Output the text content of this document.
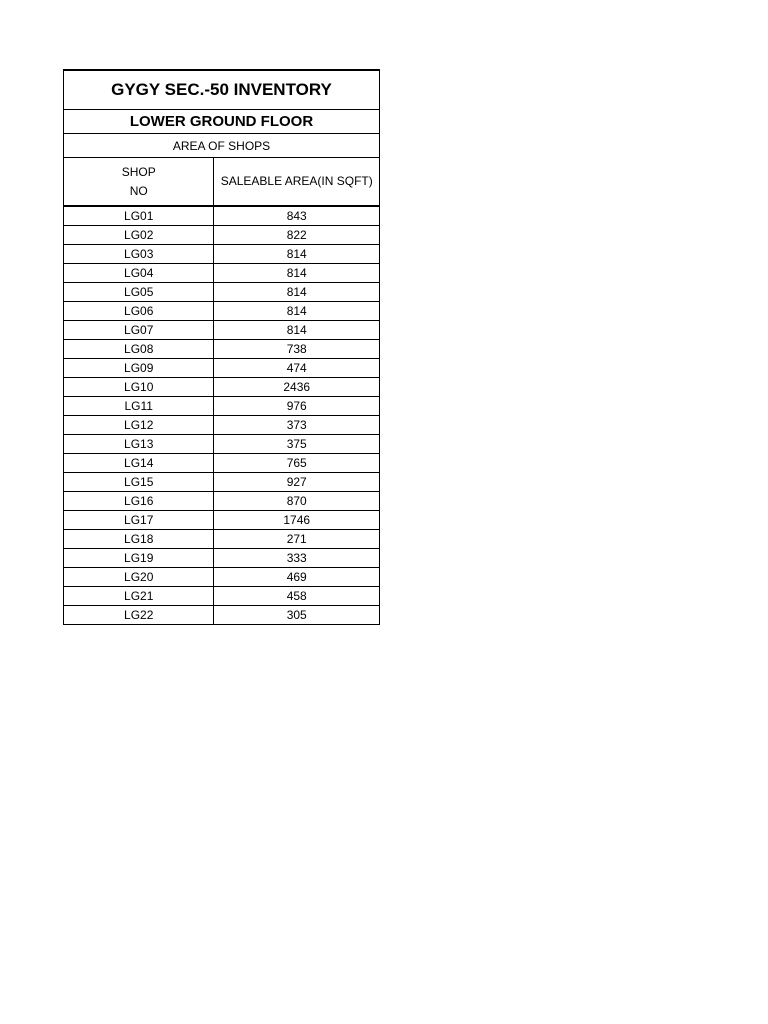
GYGY SEC.-50 INVENTORY	
LOWER GROUND FLOOR	
AREA OF SHOPS	
SHOP
NO	SALEABLE AREA(IN SQFT)
LG01	843
LG02	822
LG03	814
LG04	814
LG05	814
LG06	814
LG07	814
LG08	738
LG09	474
LG10	2436
LG11	976
LG12	373
LG13	375
LG14	765
LG15	927
LG16	870
LG17	1746
LG18	271
LG19	333
LG20	469
LG21	458
LG22	305
